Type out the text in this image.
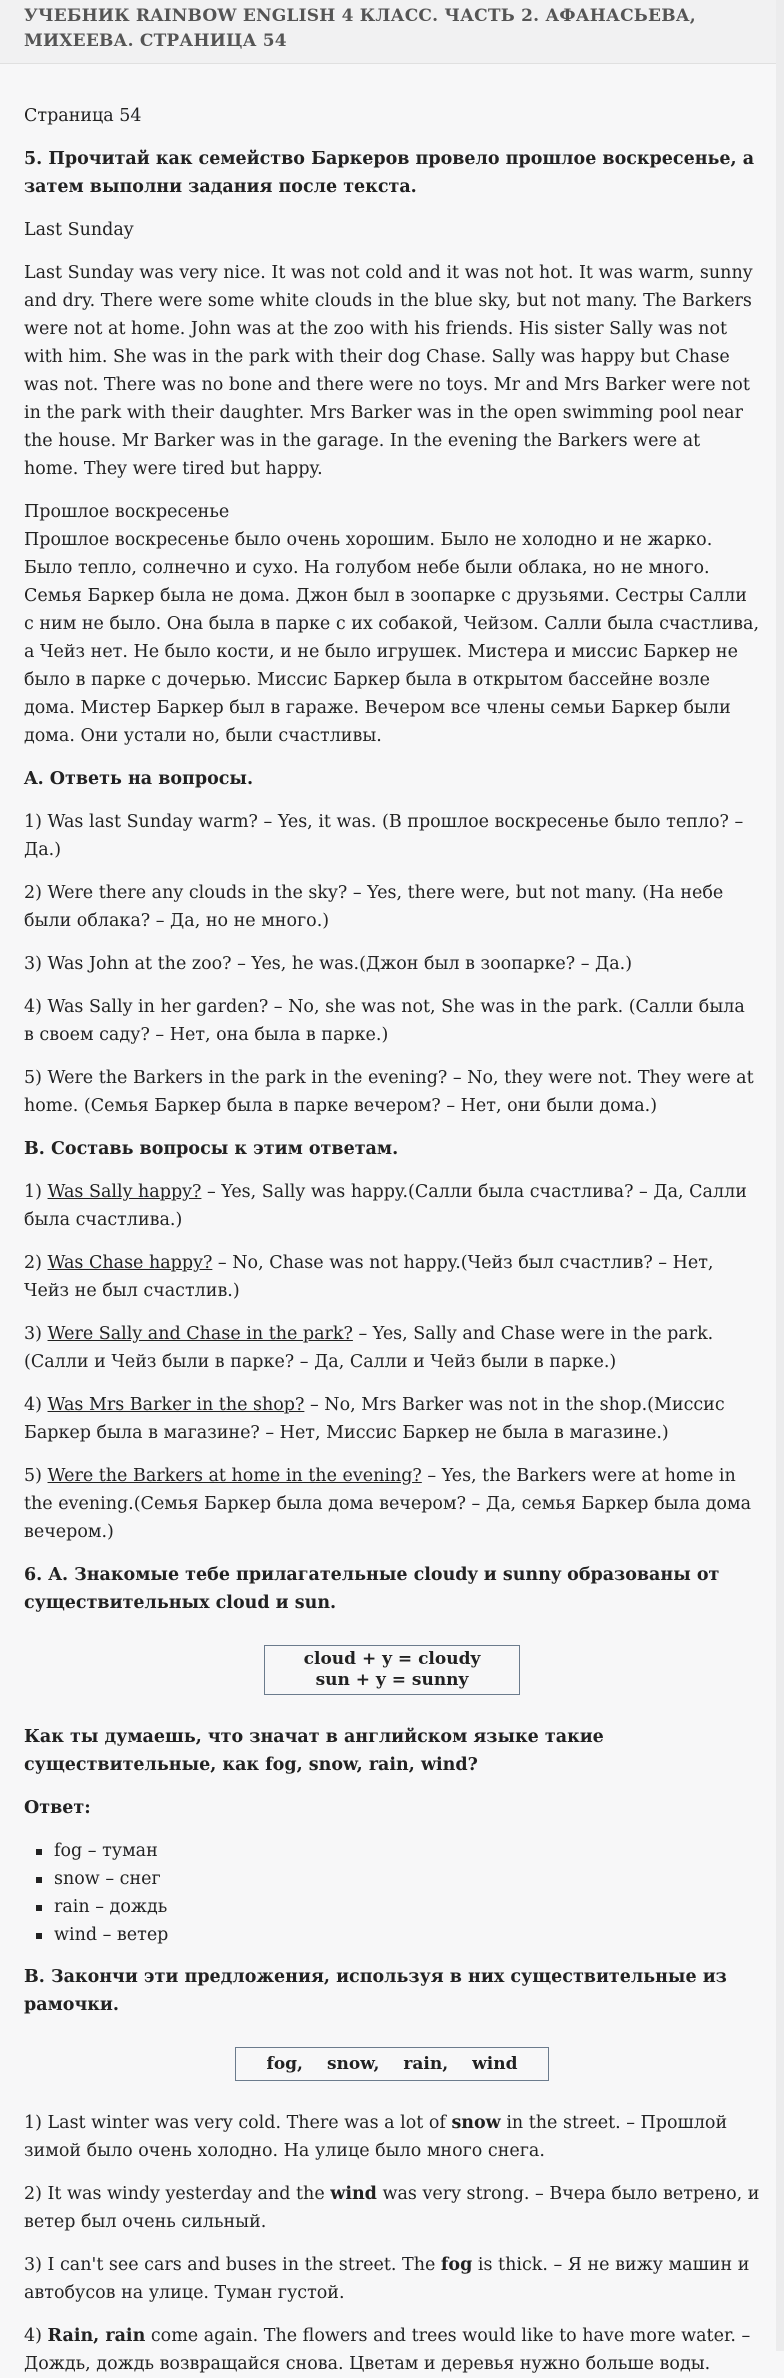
УЧЕБНИК RAINBOW ENGLISH 4 КЛАСС. ЧАСТЬ 2. АФАНАСЬЕВА, МИХЕЕВА. СТРАНИЦА 54

Страница 54

5. Прочитай как семейство Баркеров провело прошлое воскресенье, а затем выполни задания после текста.

Last Sunday

Last Sunday was very nice. It was not cold and it was not hot. It was warm, sunny and dry. There were some white clouds in the blue sky, but not many. The Barkers were not at home. John was at the zoo with his friends. His sister Sally was not with him. She was in the park with their dog Chase. Sally was happy but Chase was not. There was no bone and there were no toys. Mr and Mrs Barker were not in the park with their daughter. Mrs Barker was in the open swimming pool near the house. Mr Barker was in the garage. In the evening the Barkers were at home. They were tired but happy.

Прошлое воскресенье

Прошлое воскресенье было очень хорошим. Было не холодно и не жарко. Было тепло, солнечно и сухо. На голубом небе были облака, но не много. Семья Баркер была не дома. Джон был в зоопарке с друзьями. Сестры Салли с ним не было. Она была в парке с их собакой, Чейзом. Салли была счастлива, а Чейз нет. Не было кости, и не было игрушек. Мистера и миссис Баркер не было в парке с дочерью. Миссис Баркер была в открытом бассейне возле дома. Мистер Баркер был в гараже. Вечером все члены семьи Баркер были дома. Они устали но, были счастливы.

A. Ответь на вопросы.

1) Was last Sunday warm? – Yes, it was. (В прошлое воскресенье было тепло? – Да.)

2) Were there any clouds in the sky? – Yes, there were, but not many. (На небе были облака? – Да, но не много.)

3) Was John at the zoo? – Yes, he was.(Джон был в зоопарке? – Да.)

4) Was Sally in her garden? – No, she was not, She was in the park. (Салли была в своем саду? – Нет, она была в парке.)

5) Were the Barkers in the park in the evening? – No, they were not. They were at home. (Семья Баркер была в парке вечером? – Нет, они были дома.)

B. Составь вопросы к этим ответам.

1) Was Sally happy? – Yes, Sally was happy.(Салли была счастлива? – Да, Салли была счастлива.)

2) Was Chase happy? – No, Chase was not happy.(Чейз был счастлив? – Нет, Чейз не был счастлив.)

3) Were Sally and Chase in the park? – Yes, Sally and Chase were in the park.(Салли и Чейз были в парке? – Да, Салли и Чейз были в парке.)

4) Was Mrs Barker in the shop? – No, Mrs Barker was not in the shop.(Миссис Баркер была в магазине? – Нет, Миссис Баркер не была в магазине.)

5) Were the Barkers at home in the evening? – Yes, the Barkers were at home in the evening.(Семья Баркер была дома вечером? – Да, семья Баркер была дома вечером.)

6. A. Знакомые тебе прилагательные cloudy и sunny образованы от существительных cloud и sun.

cloud + y = cloudy
sun + y = sunny

Как ты думаешь, что значат в английском языке такие существительные, как fog, snow, rain, wind?

Ответ:

fog – туман
snow – снег
rain – дождь
wind – ветер

B. Закончи эти предложения, используя в них существительные из рамочки.

fog, snow, rain, wind

1) Last winter was very cold. There was a lot of snow in the street. – Прошлой зимой было очень холодно. На улице было много снега.

2) It was windy yesterday and the wind was very strong. – Вчера было ветрено, и ветер был очень сильный.

3) I can't see cars and buses in the street. The fog is thick. – Я не вижу машин и автобусов на улице. Туман густой.

4) Rain, rain come again. The flowers and trees would like to have more water. – Дождь, дождь возвращайся снова. Цветам и деревья нужно больше воды.
